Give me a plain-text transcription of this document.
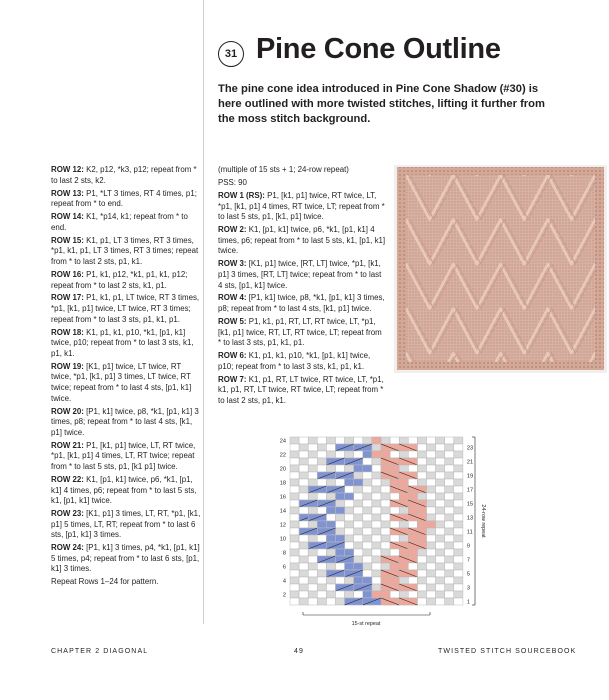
31 Pine Cone Outline
The pine cone idea introduced in Pine Cone Shadow (#30) is here outlined with more twisted stitches, lifting it further from the moss stitch background.

ROW 12: K2, p12, *k3, p12; repeat from * to last 2 sts, k2.

ROW 13: P1, *LT 3 times, RT 4 times, p1; repeat from * to end.

ROW 14: K1, *p14, k1; repeat from * to end.

ROW 15: K1, p1, LT 3 times, RT 3 times, *p1, k1, p1, LT 3 times, RT 3 times; repeat from * to last 2 sts, p1, k1.

ROW 16: P1, k1, p12, *k1, p1, k1, p12; repeat from * to last 2 sts, k1, p1.

ROW 17: P1, k1, p1, LT twice, RT 3 times, *p1, [k1, p1] twice, LT twice, RT 3 times; repeat from * to last 3 sts, p1, k1, p1.

ROW 18: K1, p1, k1, p10, *k1, [p1, k1] twice, p10; repeat from * to last 3 sts, k1, p1, k1.

ROW 19: [K1, p1] twice, LT twice, RT twice, *p1, [k1, p1] 3 times, LT twice, RT twice; repeat from * to last 4 sts, [p1, k1] twice.

ROW 20: [P1, k1] twice, p8, *k1, [p1, k1] 3 times, p8; repeat from * to last 4 sts, [k1, p1] twice.

ROW 21: P1, [k1, p1] twice, LT, RT twice, *p1, [k1, p1] 4 times, LT, RT twice; repeat from * to last 5 sts, p1, [k1 p1] twice.

ROW 22: K1, [p1, k1] twice, p6, *k1, [p1, k1] 4 times, p6; repeat from * to last 5 sts, k1, [p1, k1] twice.

ROW 23: [K1, p1] 3 times, LT, RT, *p1, [k1, p1] 5 times, LT, RT; repeat from * to last 6 sts, [p1, k1] 3 times.

ROW 24: [P1, k1] 3 times, p4, *k1, [p1, k1] 5 times, p4; repeat from * to last 6 sts, [p1, k1] 3 times.

Repeat Rows 1–24 for pattern.

(multiple of 15 sts + 1; 24-row repeat)

PSS: 90

ROW 1 (RS): P1, [k1, p1] twice, RT twice, LT, *p1, [k1, p1] 4 times, RT twice, LT; repeat from * to last 5 sts, p1, [k1, p1] twice.

ROW 2: K1, [p1, k1] twice, p6, *k1, [p1, k1] 4 times, p6; repeat from * to last 5 sts, k1, [p1, k1] twice.

ROW 3: [K1, p1] twice, [RT, LT] twice, *p1, [k1, p1] 3 times, [RT, LT] twice; repeat from * to last 4 sts, [p1, k1] twice.

ROW 4: [P1, k1] twice, p8, *k1, [p1, k1] 3 times, p8; repeat from * to last 4 sts, [k1, p1] twice.

ROW 5: P1, k1, p1, RT, LT, RT twice, LT, *p1, [k1, p1] twice, RT, LT, RT twice, LT; repeat from * to last 3 sts, p1, k1, p1.

ROW 6: K1, p1, k1, p10, *k1, [p1, k1] twice, p10; repeat from * to last 3 sts, k1, p1, k1.

ROW 7: K1, p1, RT, LT twice, RT twice, LT, *p1, k1, p1, RT, LT twice, RT twice, LT; repeat from * to last 2 sts, p1, k1.

24
22
20
18
16
14
12
10
8
6
4
2
23
21
19
17
15
13
11
9
7
5
3
1
24-row repeat
15-st repeat
CHAPTER 2 DIAGONAL	49	TWISTED STITCH SOURCEBOOK
